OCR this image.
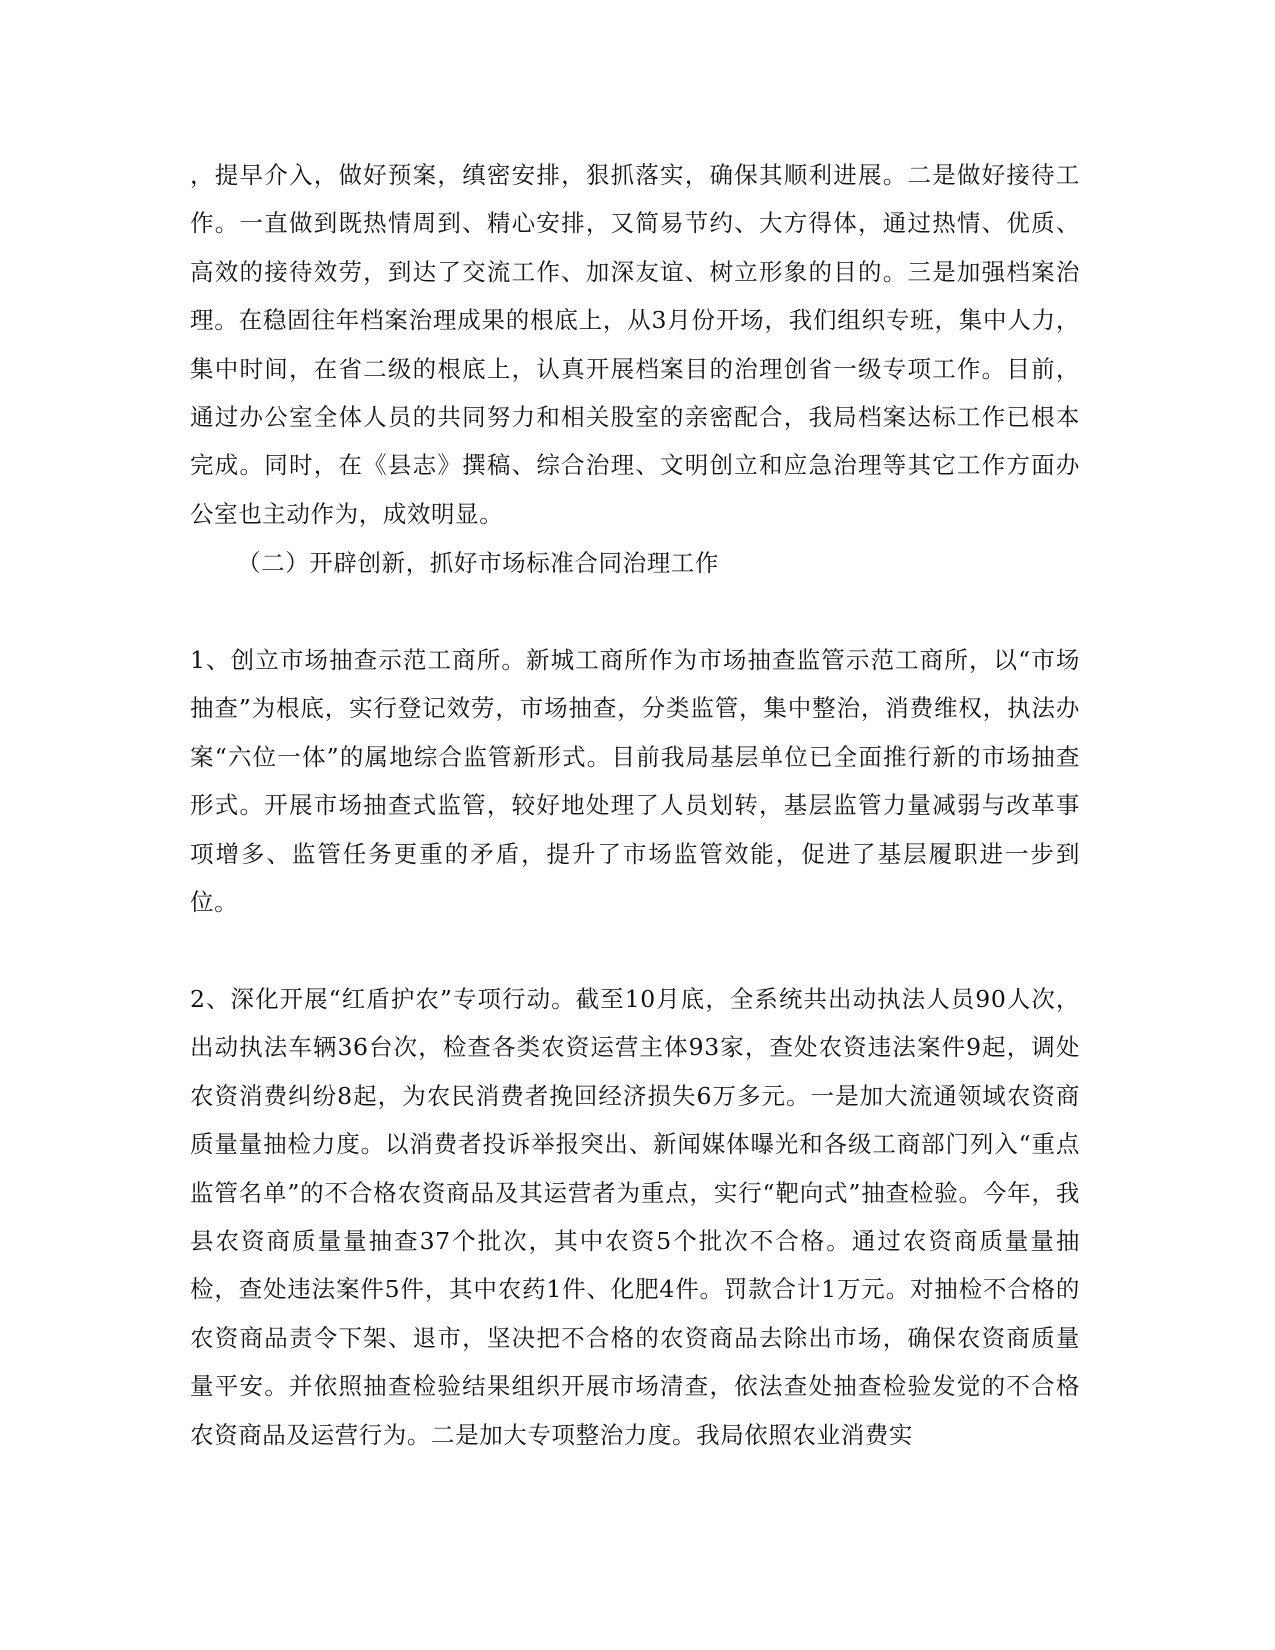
，提早介入，做好预案，缜密安排，狠抓落实，确保其顺利进展。二是做好接待工作。一直做到既热情周到、精心安排，又简易节约、大方得体，通过热情、优质、高效的接待效劳，到达了交流工作、加深友谊、树立形象的目的。三是加强档案治理。在稳固往年档案治理成果的根底上，从3月份开场，我们组织专班，集中人力，集中时间，在省二级的根底上，认真开展档案目的治理创省一级专项工作。目前，通过办公室全体人员的共同努力和相关股室的亲密配合，我局档案达标工作已根本完成。同时，在《县志》撰稿、综合治理、文明创立和应急治理等其它工作方面办公室也主动作为，成效明显。

（二）开辟创新，抓好市场标准合同治理工作

1、创立市场抽查示范工商所。新城工商所作为市场抽查监管示范工商所，以“市场抽查”为根底，实行登记效劳，市场抽查，分类监管，集中整治，消费维权，执法办案“六位一体”的属地综合监管新形式。目前我局基层单位已全面推行新的市场抽查形式。开展市场抽查式监管，较好地处理了人员划转，基层监管力量减弱与改革事项增多、监管任务更重的矛盾，提升了市场监管效能，促进了基层履职进一步到位。

2、深化开展“红盾护农”专项行动。截至10月底，全系统共出动执法人员90人次，出动执法车辆36台次，检查各类农资运营主体93家，查处农资违法案件9起，调处农资消费纠纷8起，为农民消费者挽回经济损失6万多元。一是加大流通领域农资商质量量抽检力度。以消费者投诉举报突出、新闻媒体曝光和各级工商部门列入“重点监管名单”的不合格农资商品及其运营者为重点，实行“靶向式”抽查检验。今年，我县农资商质量量抽查37个批次，其中农资5个批次不合格。通过农资商质量量抽检，查处违法案件5件，其中农药1件、化肥4件。罚款合计1万元。对抽检不合格的农资商品责令下架、退市，坚决把不合格的农资商品去除出市场，确保农资商质量量平安。并依照抽查检验结果组织开展市场清查，依法查处抽查检验发觉的不合格农资商品及运营行为。二是加大专项整治力度。我局依照农业消费实
